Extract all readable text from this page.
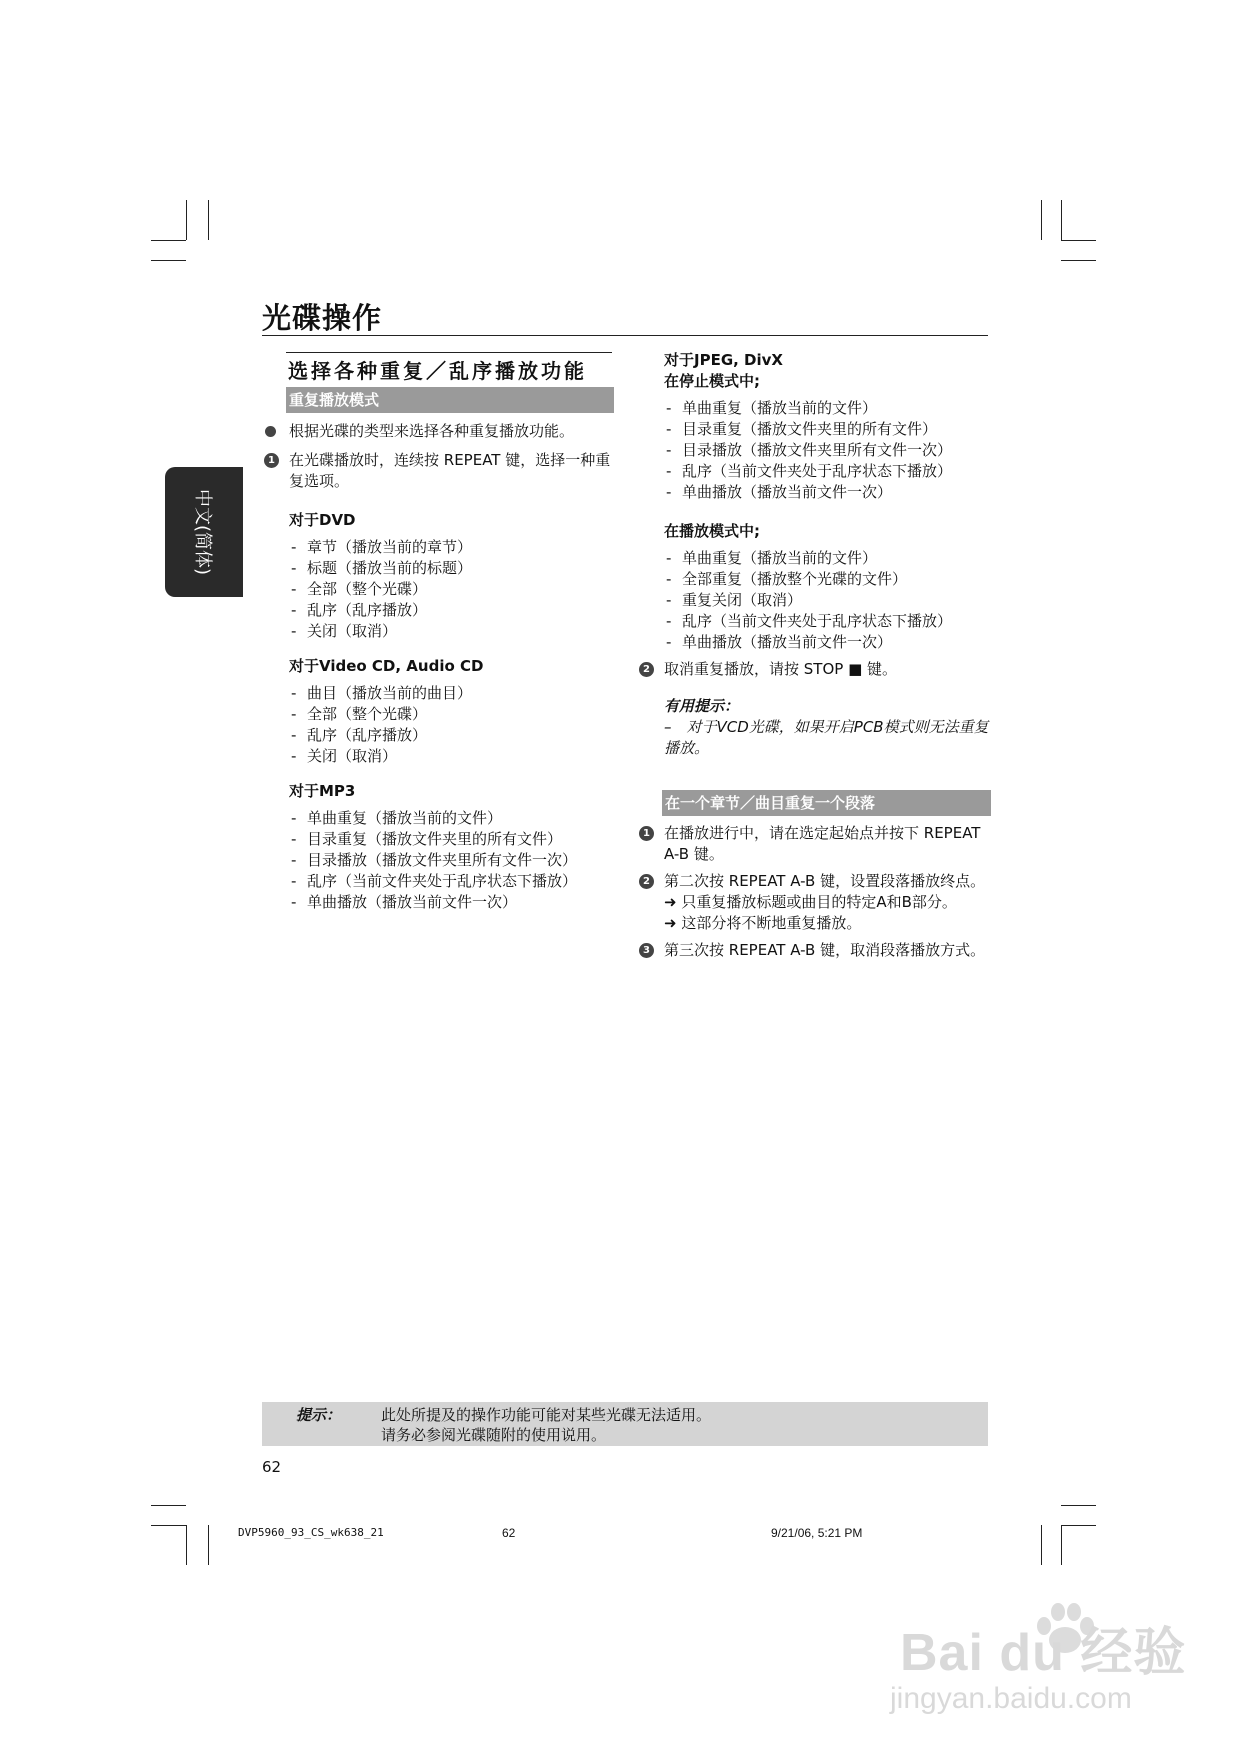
光碟操作
选择各种重复／乱序播放功能
中文(简体)
重复播放模式
根据光碟的类型来选择各种重复播放功能。
1 在光碟播放时，连续按 REPEAT 键，选择一种重复选项。
对于DVD
- 章节（播放当前的章节）
- 标题（播放当前的标题）
- 全部（整个光碟）
- 乱序（乱序播放）
- 关闭（取消）
对于Video CD, Audio CD
- 曲目（播放当前的曲目）
- 全部（整个光碟）
- 乱序（乱序播放）
- 关闭（取消）
对于MP3
- 单曲重复（播放当前的文件）
- 目录重复（播放文件夹里的所有文件）
- 目录播放（播放文件夹里所有文件一次）
- 乱序（当前文件夹处于乱序状态下播放）
- 单曲播放（播放当前文件一次）
对于JPEG, DivX
在停止模式中;
- 单曲重复（播放当前的文件）
- 目录重复（播放文件夹里的所有文件）
- 目录播放（播放文件夹里所有文件一次）
- 乱序（当前文件夹处于乱序状态下播放）
- 单曲播放（播放当前文件一次）
在播放模式中;
- 单曲重复（播放当前的文件）
- 全部重复（播放整个光碟的文件）
- 重复关闭（取消）
- 乱序（当前文件夹处于乱序状态下播放）
- 单曲播放（播放当前文件一次）
2 取消重复播放，请按 STOP ■ 键。
有用提示：
–　对于VCD光碟，如果开启PCB模式则无法重复播放。
在一个章节／曲目重复一个段落
1 在播放进行中，请在选定起始点并按下 REPEAT A-B 键。
2 第二次按 REPEAT A-B 键，设置段落播放终点。
➜ 只重复播放标题或曲目的特定A和B部分。
➜ 这部分将不断地重复播放。
3 第三次按 REPEAT A-B 键，取消段落播放方式。
提示：	此处所提及的操作功能可能对某些光碟无法适用。
请务必参阅光碟随附的使用说用。
62
DVP5960_93_CS_wk638_21	62	9/21/06, 5:21 PM
Bai du 经验
jingyan.baidu.com
